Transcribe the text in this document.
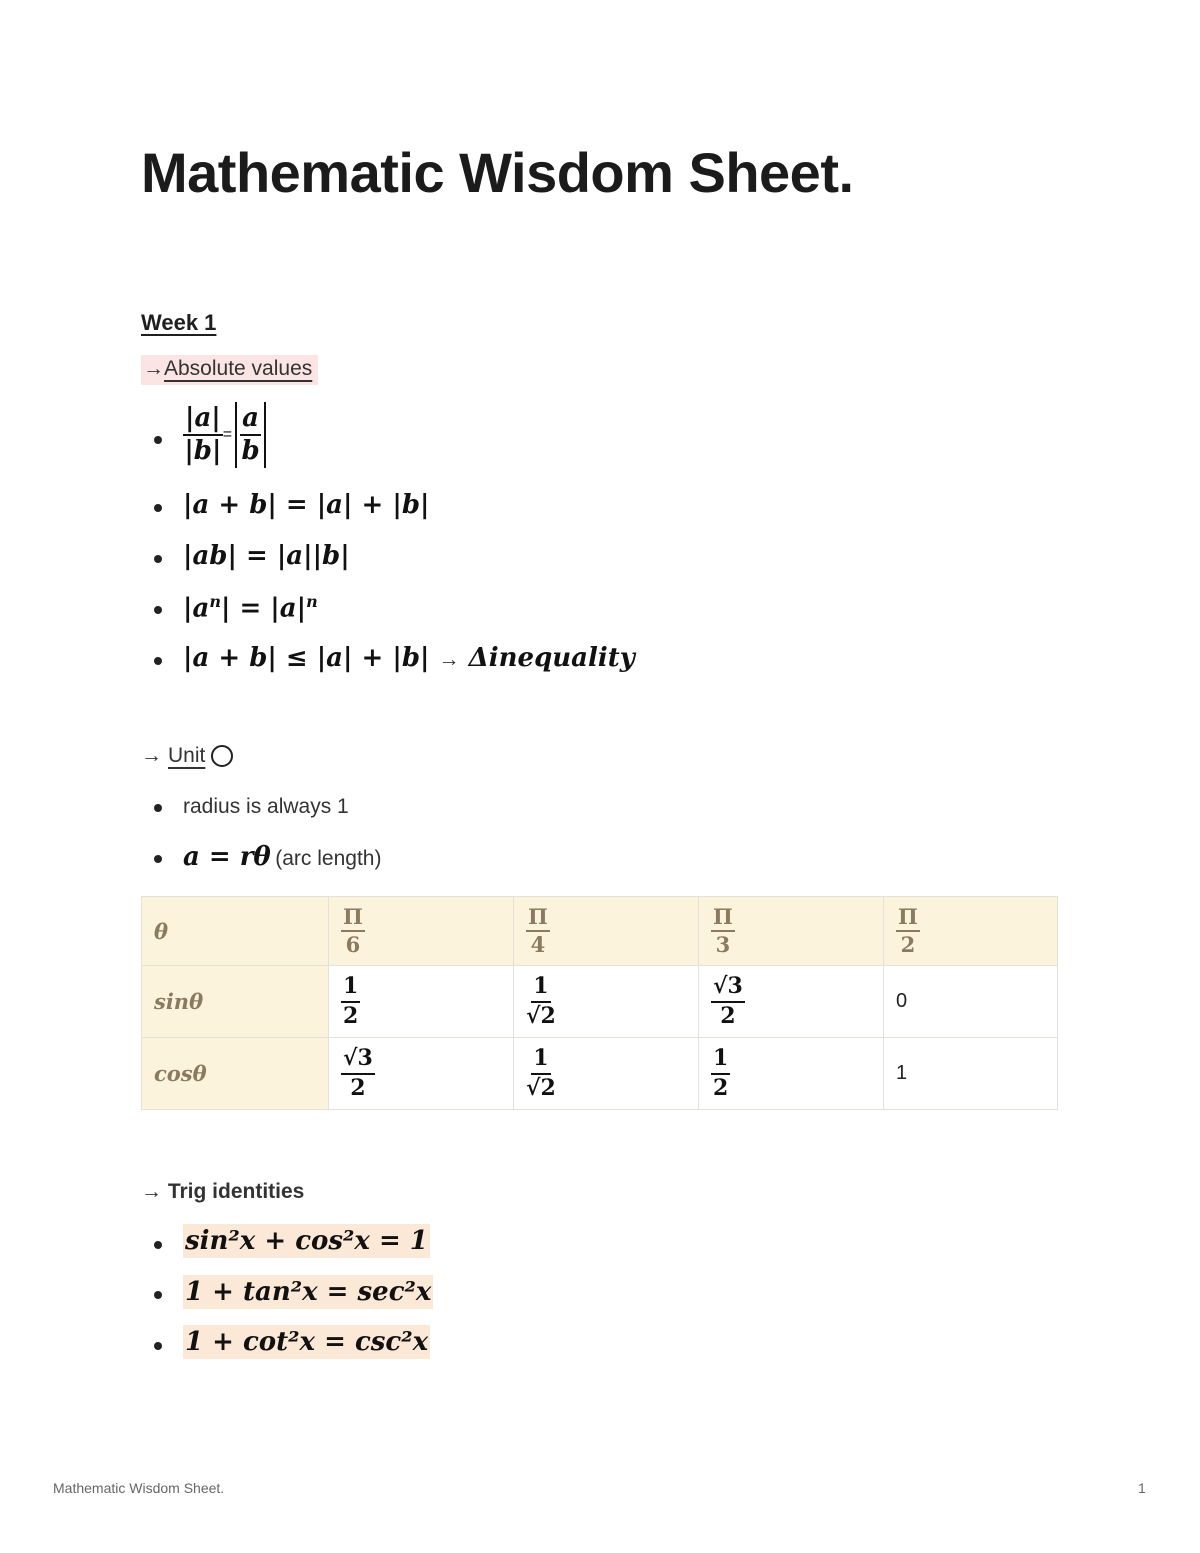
Mathematic Wisdom Sheet.
Week 1
→Absolute values
$\frac{|a|}{|b|} = \frac{a}{b}$
|a + b| = |a| + |b|
|ab| = |a||b|
$|a^n| = |a|^n$
|a + b| ≤ |a| + |b| → Δinequality
→ Unit
radius is always 1
a = rθ (arc length)
θ	$\frac{\Pi}{6}$	$\frac{\Pi}{4}$	$\frac{\Pi}{3}$	$\frac{\Pi}{2}$

sinθ	$\frac{1}{2}$	$\frac{1}{√2}$	$\frac{√3}{2}$	0
cosθ	$\frac{√3}{2}$	$\frac{1}{√2}$	$\frac{1}{2}$	1
→ Trig identities
sin²x + cos²x = 1
1 + tan²x = sec²x
1 + cot²x = csc²x
Mathematic Wisdom Sheet.	1
